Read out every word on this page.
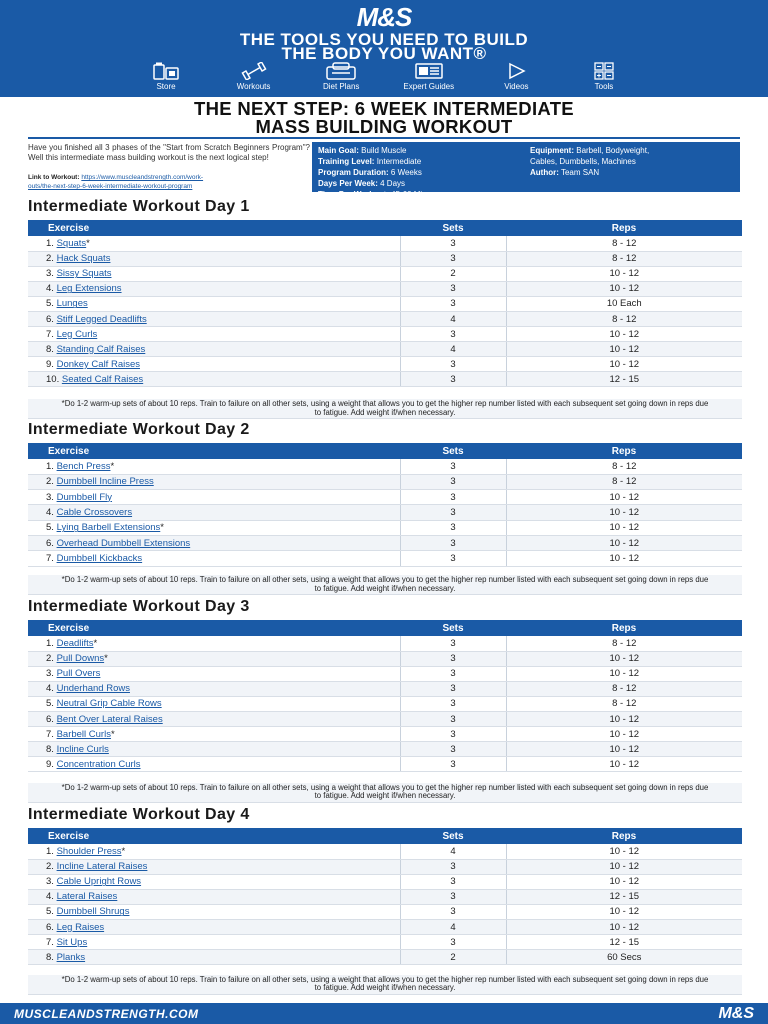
M&S
THE TOOLS YOU NEED TO BUILD
THE BODY YOU WANT®
Store	Workouts	Diet Plans	Expert Guides	Videos	Tools
THE NEXT STEP: 6 WEEK INTERMEDIATE
MASS BUILDING WORKOUT
Have you finished all 3 phases of the "Start from Scratch Beginners Program"? Well this intermediate mass building workout is the next logical step!
Link to Workout: https://www.muscleandstrength.com/work-
outs/the-next-step-6-week-intermediate-workout-program
Main Goal: Build Muscle
Training Level: Intermediate
Program Duration: 6 Weeks
Days Per Week: 4 Days
Time Per Workout: 45-60 Mins
Equipment: Barbell, Bodyweight,
Cables, Dumbbells, Machines
Author: Team SAN
Intermediate Workout Day 1
Exercise	Sets	Reps
1. Squats*	3	8 - 12
2. Hack Squats	3	8 - 12
3. Sissy Squats	2	10 - 12
4. Leg Extensions	3	10 - 12
5. Lunges	3	10 Each
6. Stiff Legged Deadlifts	4	8 - 12
7. Leg Curls	3	10 - 12
8. Standing Calf Raises	4	10 - 12
9. Donkey Calf Raises	3	10 - 12
10. Seated Calf Raises	3	12 - 15
*Do 1-2 warm-up sets of about 10 reps. Train to failure on all other sets, using a weight that allows you to get the higher rep number listed with each subsequent set going down in reps due to fatigue. Add weight if/when necessary.
Intermediate Workout Day 2
Exercise	Sets	Reps
1. Bench Press*	3	8 - 12
2. Dumbbell Incline Press	3	8 - 12
3. Dumbbell Fly	3	10 - 12
4. Cable Crossovers	3	10 - 12
5. Lying Barbell Extensions*	3	10 - 12
6. Overhead Dumbbell Extensions	3	10 - 12
7. Dumbbell Kickbacks	3	10 - 12
*Do 1-2 warm-up sets of about 10 reps. Train to failure on all other sets, using a weight that allows you to get the higher rep number listed with each subsequent set going down in reps due to fatigue. Add weight if/when necessary.
Intermediate Workout Day 3
Exercise	Sets	Reps
1. Deadlifts*	3	8 - 12
2. Pull Downs*	3	10 - 12
3. Pull Overs	3	10 - 12
4. Underhand Rows	3	8 - 12
5. Neutral Grip Cable Rows	3	8 - 12
6. Bent Over Lateral Raises	3	10 - 12
7. Barbell Curls*	3	10 - 12
8. Incline Curls	3	10 - 12
9. Concentration Curls	3	10 - 12
*Do 1-2 warm-up sets of about 10 reps. Train to failure on all other sets, using a weight that allows you to get the higher rep number listed with each subsequent set going down in reps due to fatigue. Add weight if/when necessary.
Intermediate Workout Day 4
Exercise	Sets	Reps
1. Shoulder Press*	4	10 - 12
2. Incline Lateral Raises	3	10 - 12
3. Cable Upright Rows	3	10 - 12
4. Lateral Raises	3	12 - 15
5. Dumbbell Shrugs	3	10 - 12
6. Leg Raises	4	10 - 12
7. Sit Ups	3	12 - 15
8. Planks	2	60 Secs
*Do 1-2 warm-up sets of about 10 reps. Train to failure on all other sets, using a weight that allows you to get the higher rep number listed with each subsequent set going down in reps due to fatigue. Add weight if/when necessary.
MUSCLEANDSTRENGTH.COM	M&S
